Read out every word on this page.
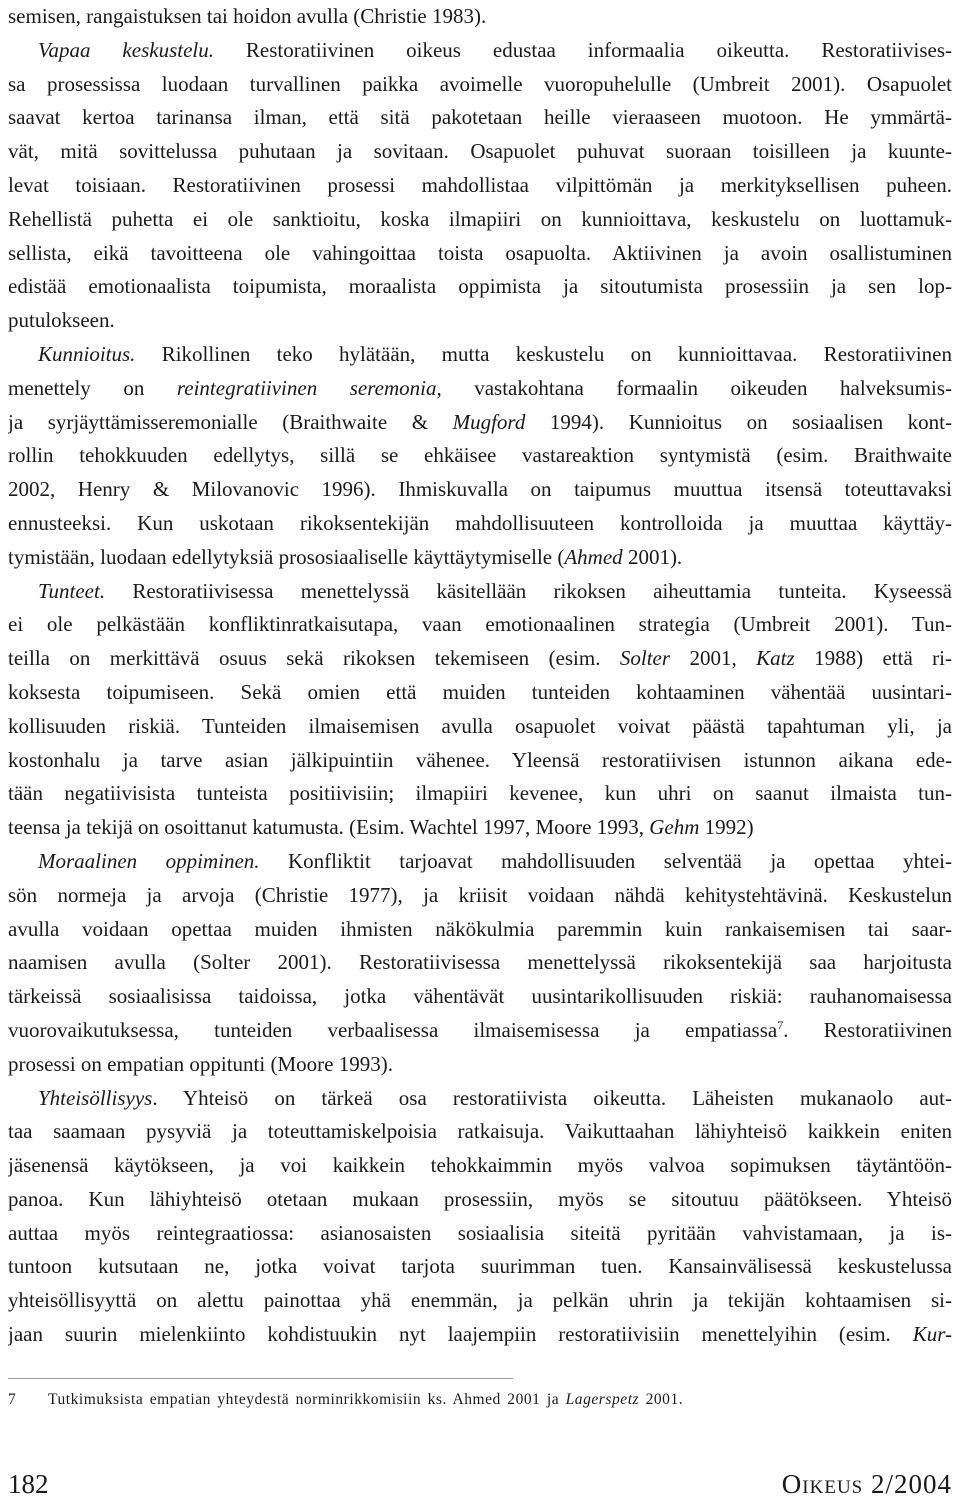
semisen, rangaistuksen tai hoidon avulla (Christie 1983).
Vapaa keskustelu. Restoratiivinen oikeus edustaa informaalia oikeutta. Restoratiivises-
sa prosessissa luodaan turvallinen paikka avoimelle vuoropuhelulle (Umbreit 2001). Osapuolet
saavat kertoa tarinansa ilman, että sitä pakotetaan heille vieraaseen muotoon. He ymmärtä-
vät, mitä sovittelussa puhutaan ja sovitaan. Osapuolet puhuvat suoraan toisilleen ja kuunte-
levat toisiaan. Restoratiivinen prosessi mahdollistaa vilpittömän ja merkityksellisen puheen.
Rehellistä puhetta ei ole sanktioitu, koska ilmapiiri on kunnioittava, keskustelu on luottamuk-
sellista, eikä tavoitteena ole vahingoittaa toista osapuolta. Aktiivinen ja avoin osallistuminen
edistää emotionaalista toipumista, moraalista oppimista ja sitoutumista prosessiin ja sen lop-
putulokseen.
Kunnioitus. Rikollinen teko hylätään, mutta keskustelu on kunnioittavaa. Restoratiivinen
menettely on reintegratiivinen seremonia, vastakohtana formaalin oikeuden halveksumis-
ja syrjäyttämisseremonialle (Braithwaite & Mugford 1994). Kunnioitus on sosiaalisen kont-
rollin tehokkuuden edellytys, sillä se ehkäisee vastareaktion syntymistä (esim. Braithwaite
2002, Henry & Milovanovic 1996). Ihmiskuvalla on taipumus muuttua itsensä toteuttavaksi
ennusteeksi. Kun uskotaan rikoksentekijän mahdollisuuteen kontrolloida ja muuttaa käyttäy-
tymistään, luodaan edellytyksiä prososiaaliselle käyttäytymiselle (Ahmed 2001).
Tunteet. Restoratiivisessa menettelyssä käsitellään rikoksen aiheuttamia tunteita. Kyseessä
ei ole pelkästään konfliktinratkaisutapa, vaan emotionaalinen strategia (Umbreit 2001). Tun-
teilla on merkittävä osuus sekä rikoksen tekemiseen (esim. Solter 2001, Katz 1988) että ri-
koksesta toipumiseen. Sekä omien että muiden tunteiden kohtaaminen vähentää uusintari-
kollisuuden riskiä. Tunteiden ilmaisemisen avulla osapuolet voivat päästä tapahtuman yli, ja
kostonhalu ja tarve asian jälkipuintiin vähenee. Yleensä restoratiivisen istunnon aikana ede-
tään negatiivisista tunteista positiivisiin; ilmapiiri kevenee, kun uhri on saanut ilmaista tun-
teensa ja tekijä on osoittanut katumusta. (Esim. Wachtel 1997, Moore 1993, Gehm 1992)
Moraalinen oppiminen. Konfliktit tarjoavat mahdollisuuden selventää ja opettaa yhtei-
sön normeja ja arvoja (Christie 1977), ja kriisit voidaan nähdä kehitystehtävinä. Keskustelun
avulla voidaan opettaa muiden ihmisten näkökulmia paremmin kuin rankaisemisen tai saar-
naamisen avulla (Solter 2001). Restoratiivisessa menettelyssä rikoksentekijä saa harjoitusta
tärkeissä sosiaalisissa taidoissa, jotka vähentävät uusintarikollisuuden riskiä: rauhanomaisessa
vuorovaikutuksessa, tunteiden verbaalisessa ilmaisemisessa ja empatiassa$^7$. Restoratiivinen
prosessi on empatian oppitunti (Moore 1993).
Yhteisöllisyys. Yhteisö on tärkeä osa restoratiivista oikeutta. Läheisten mukanaolo aut-
taa saamaan pysyviä ja toteuttamiskelpoisia ratkaisuja. Vaikuttaahan lähiyhteisö kaikkein eniten
jäsenensä käytökseen, ja voi kaikkein tehokkaimmin myös valvoa sopimuksen täytäntöön-
panoa. Kun lähiyhteisö otetaan mukaan prosessiin, myös se sitoutuu päätökseen. Yhteisö
auttaa myös reintegraatiossa: asianosaisten sosiaalisia siteitä pyritään vahvistamaan, ja is-
tuntoon kutsutaan ne, jotka voivat tarjota suurimman tuen. Kansainvälisessä keskustelussa
yhteisöllisyyttä on alettu painottaa yhä enemmän, ja pelkän uhrin ja tekijän kohtaamisen si-
jaan suurin mielenkiinto kohdistuukin nyt laajempiin restoratiivisiin menettelyihin (esim. Kur-
7 Tutkimuksista empatian yhteydestä norminrikkomisiin ks. Ahmed 2001 ja Lagerspetz 2001.
182	Oikeus 2/2004
